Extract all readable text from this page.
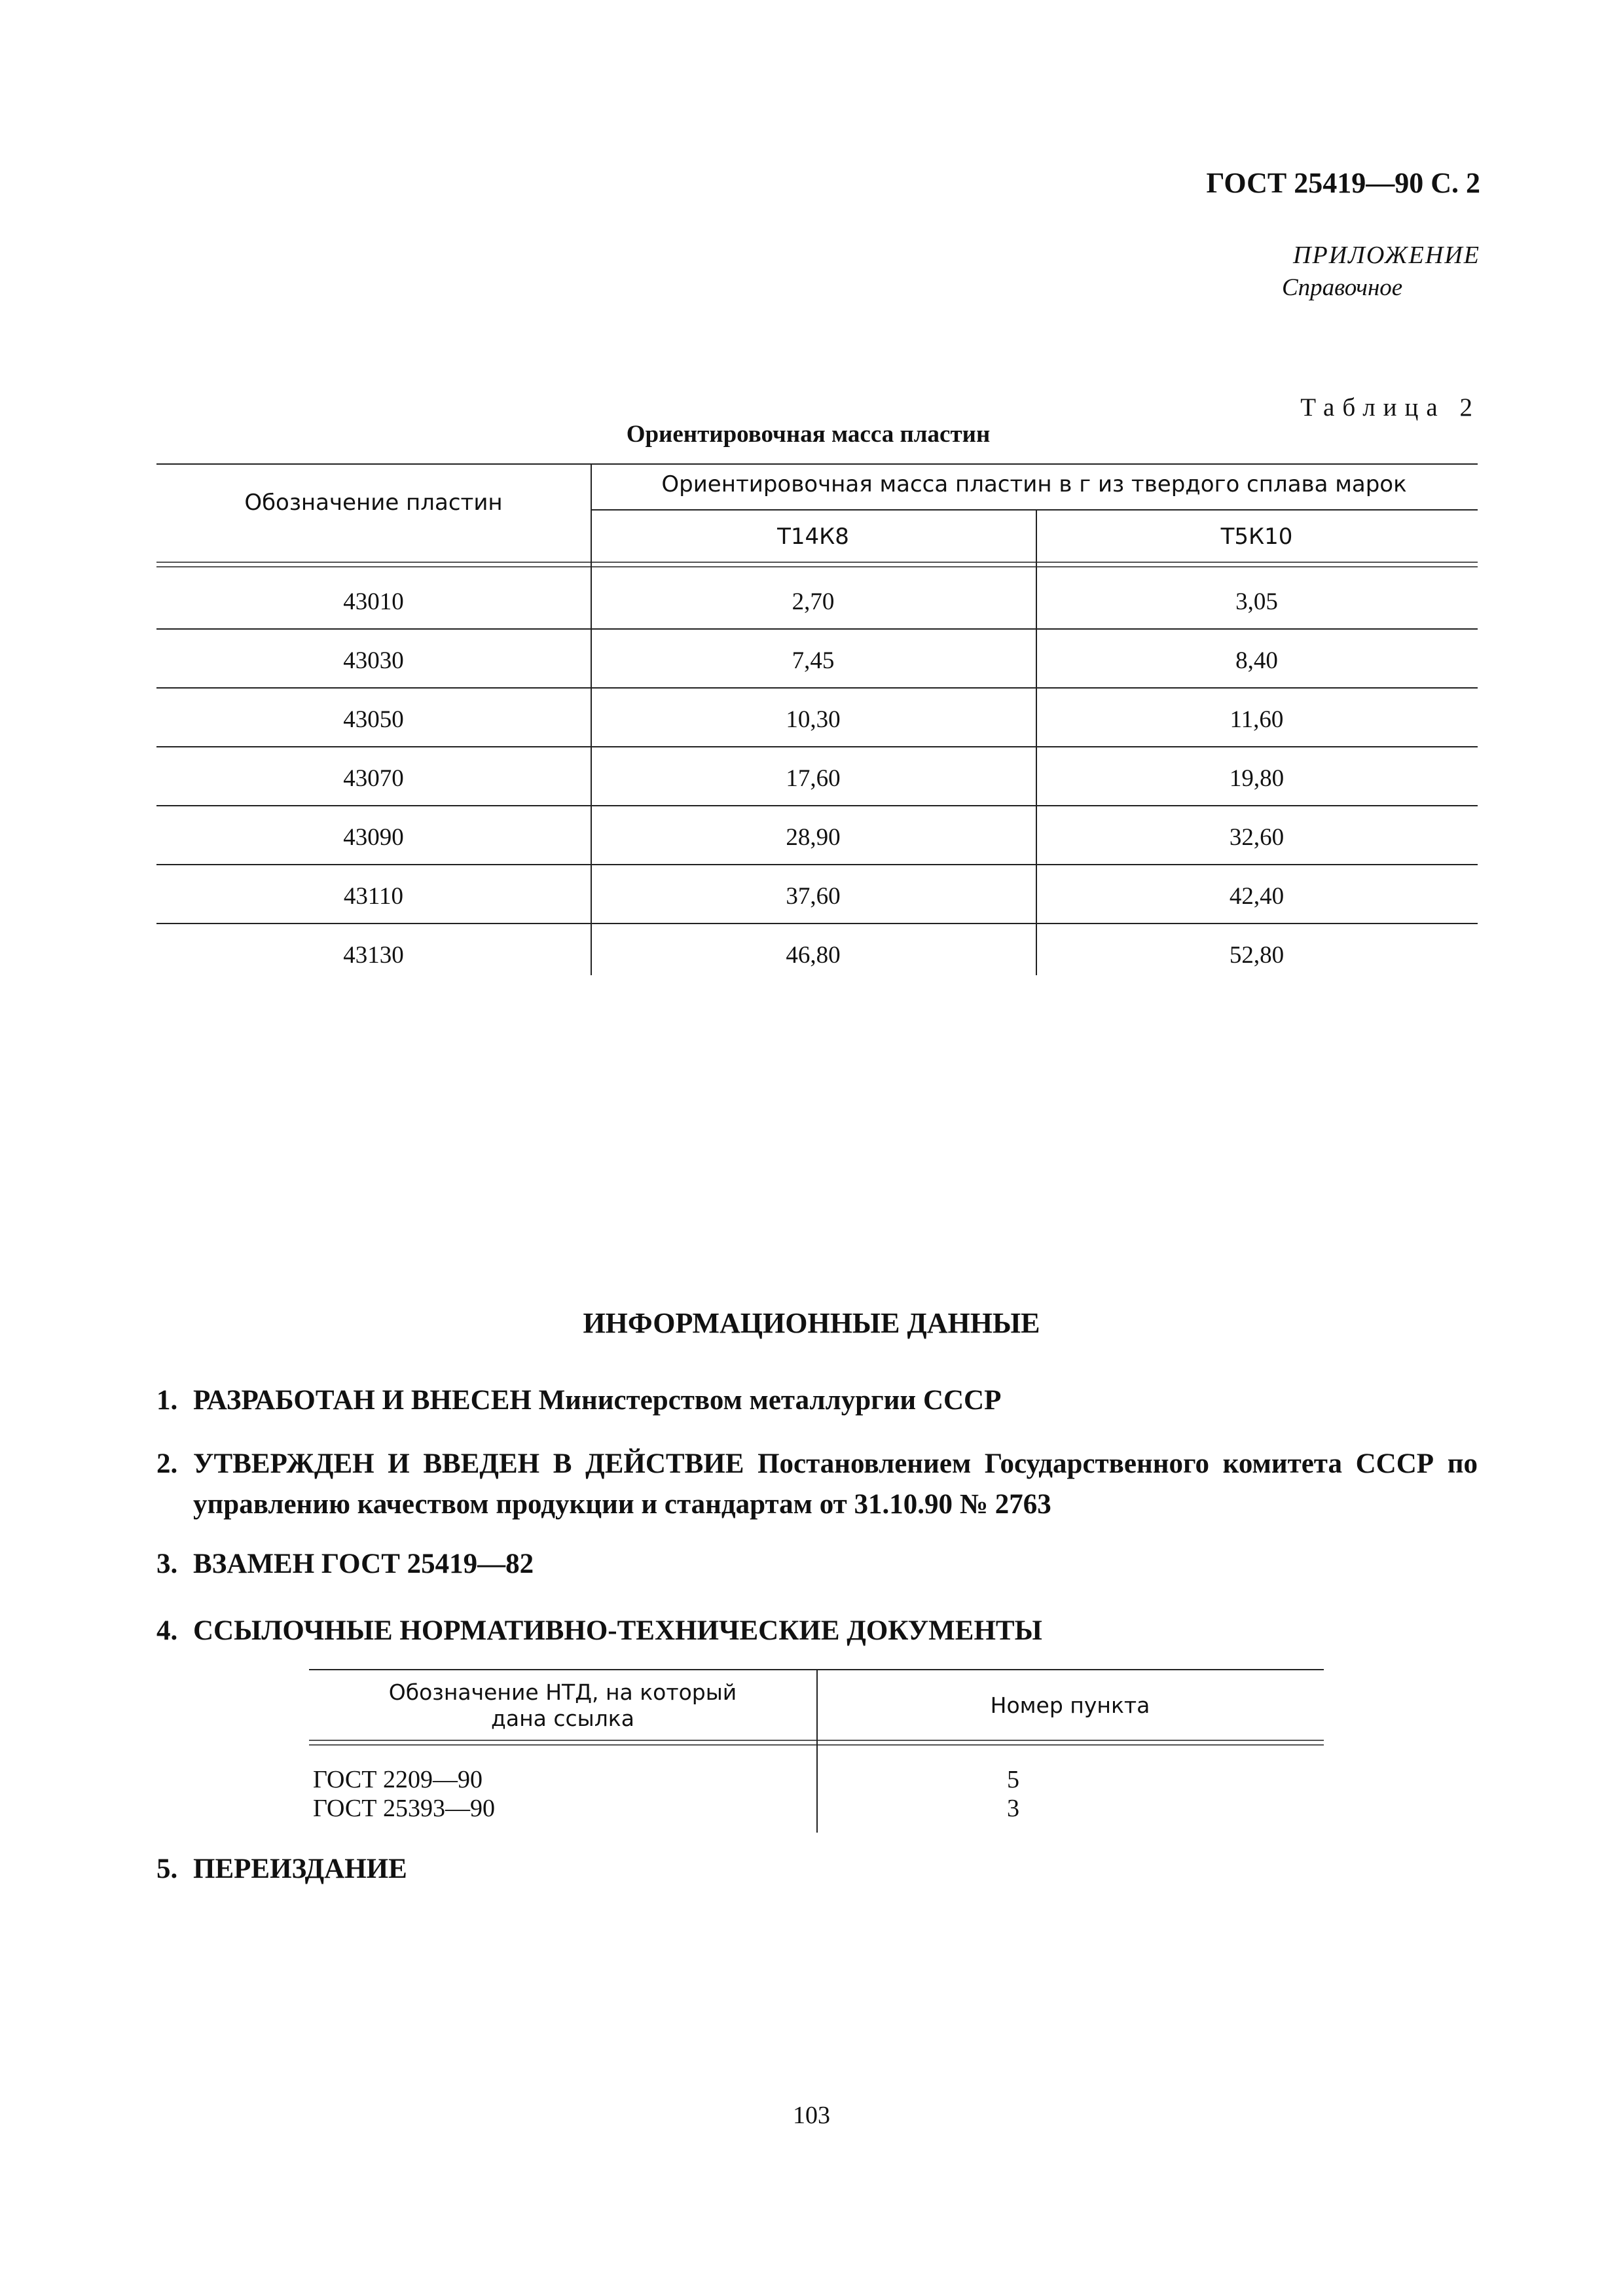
ГОСТ 25419—90 С. 2
ПРИЛОЖЕНИЕ
Справочное
Таблица 2
Ориентировочная масса пластин
Обозначение пластин
Ориентировочная масса пластин в г из твердого сплава марок
Т14К8	Т5К10
43010	2,70	3,05
43030	7,45	8,40
43050	10,30	11,60
43070	17,60	19,80
43090	28,90	32,60
43110	37,60	42,40
43130	46,80	52,80
ИНФОРМАЦИОННЫЕ ДАННЫЕ
1. РАЗРАБОТАН И ВНЕСЕН Министерством металлургии СССР
2. УТВЕРЖДЕН И ВВЕДЕН В ДЕЙСТВИЕ Постановлением Государственного комитета СССР по управлению качеством продукции и стандартам от 31.10.90 № 2763
3. ВЗАМЕН ГОСТ 25419—82
4. ССЫЛОЧНЫЕ НОРМАТИВНО-ТЕХНИЧЕСКИЕ ДОКУМЕНТЫ
Обозначение НТД, на который
дана ссылка
Номер пункта
ГОСТ 2209—90	5
ГОСТ 25393—90	3
5. ПЕРЕИЗДАНИЕ
103
